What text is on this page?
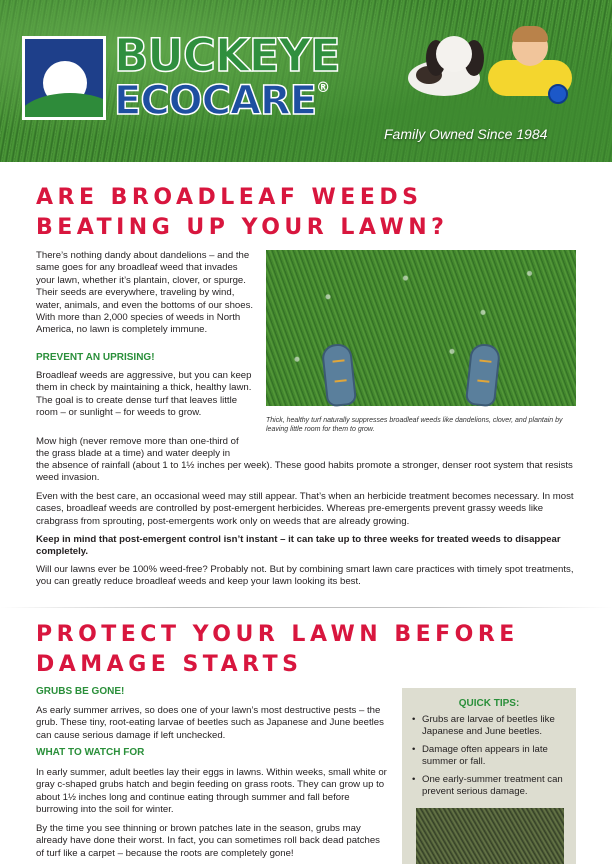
BUCKEYE
ECOCARE®
Family Owned Since 1984
ARE BROADLEAF WEEDS
BEATING UP YOUR LAWN?
There’s nothing dandy about dandelions – and the same goes for any broadleaf weed that invades your lawn, whether it’s plantain, clover, or spurge. Their seeds are everywhere, traveling by wind, water, animals, and even the bottoms of our shoes. With more than 2,000 species of weeds in North America, no lawn is completely immune.
PREVENT AN UPRISING!
Broadleaf weeds are aggressive, but you can keep them in check by maintaining a thick, healthy lawn. The goal is to create dense turf that leaves little room – or sunlight – for weeds to grow.
Mow high (never remove more than one-third of
the grass blade at a time) and water deeply in
the absence of rainfall (about 1 to 1½ inches per week). These good habits promote a stronger, denser root system that resists weed invasion.
Even with the best care, an occasional weed may still appear. That’s when an herbicide treatment becomes necessary. In most cases, broadleaf weeds are controlled by post-emergent herbicides. Whereas pre-emergents prevent grassy weeds like crabgrass from sprouting, post-emergents work only on weeds that are already growing.
Keep in mind that post-emergent control isn’t instant – it can take up to three weeks for treated weeds to disappear completely.
Will our lawns ever be 100% weed-free? Probably not. But by combining smart lawn care practices with timely spot treatments, you can greatly reduce broadleaf weeds and keep your lawn looking its best.
Thick, healthy turf naturally suppresses broadleaf weeds like dandelions, clover, and plantain by leaving little room for them to grow.
PROTECT YOUR LAWN BEFORE
DAMAGE STARTS
GRUBS BE GONE!
As early summer arrives, so does one of your lawn’s most destructive pests – the grub. These tiny, root-eating larvae of beetles such as Japanese and June beetles can cause serious damage if left unchecked.
WHAT TO WATCH FOR
In early summer, adult beetles lay their eggs in lawns. Within weeks, small white or gray c-shaped grubs hatch and begin feeding on grass roots. They can grow up to about 1½ inches long and continue eating through summer and fall before burrowing into the soil for winter.
By the time you see thinning or brown patches late in the season, grubs may already have done their worst. In fact, you can sometimes roll back dead patches of turf like a carpet – because the roots are completely gone!
QUICK TIPS:
• Grubs are larvae of beetles like Japanese and June beetles.
• Damage often appears in late summer or fall.
• One early-summer treatment can prevent serious damage.
